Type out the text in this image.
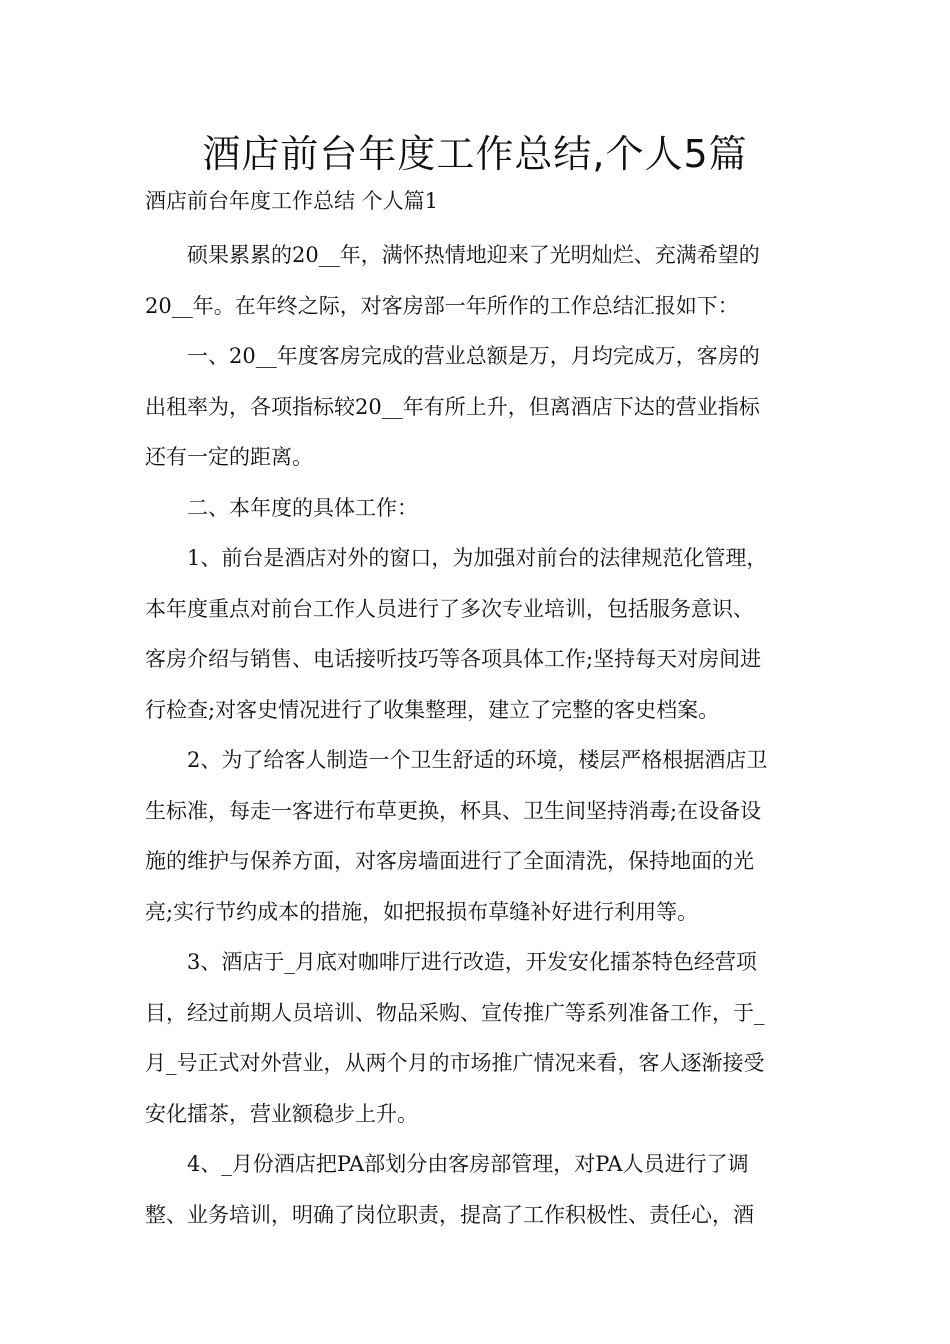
酒店前台年度工作总结,个人5篇

酒店前台年度工作总结 个人篇1

　　硕果累累的20__年，满怀热情地迎来了光明灿烂、充满希望的
20__年。在年终之际，对客房部一年所作的工作总结汇报如下：
　　一、20__年度客房完成的营业总额是万，月均完成万，客房的
出租率为，各项指标较20__年有所上升，但离酒店下达的营业指标
还有一定的距离。
　　二、本年度的具体工作：
　　1、前台是酒店对外的窗口，为加强对前台的法律规范化管理，
本年度重点对前台工作人员进行了多次专业培训，包括服务意识、
客房介绍与销售、电话接听技巧等各项具体工作;坚持每天对房间进
行检查;对客史情况进行了收集整理，建立了完整的客史档案。
　　2、为了给客人制造一个卫生舒适的环境，楼层严格根据酒店卫
生标准，每走一客进行布草更换，杯具、卫生间坚持消毒;在设备设
施的维护与保养方面，对客房墙面进行了全面清洗，保持地面的光
亮;实行节约成本的措施，如把报损布草缝补好进行利用等。
　　3、酒店于_月底对咖啡厅进行改造，开发安化擂茶特色经营项
目，经过前期人员培训、物品采购、宣传推广等系列准备工作，于_
月_号正式对外营业，从两个月的市场推广情况来看，客人逐渐接受
安化擂茶，营业额稳步上升。
　　4、_月份酒店把PA部划分由客房部管理，对PA人员进行了调
整、业务培训，明确了岗位职责，提高了工作积极性、责任心，酒
